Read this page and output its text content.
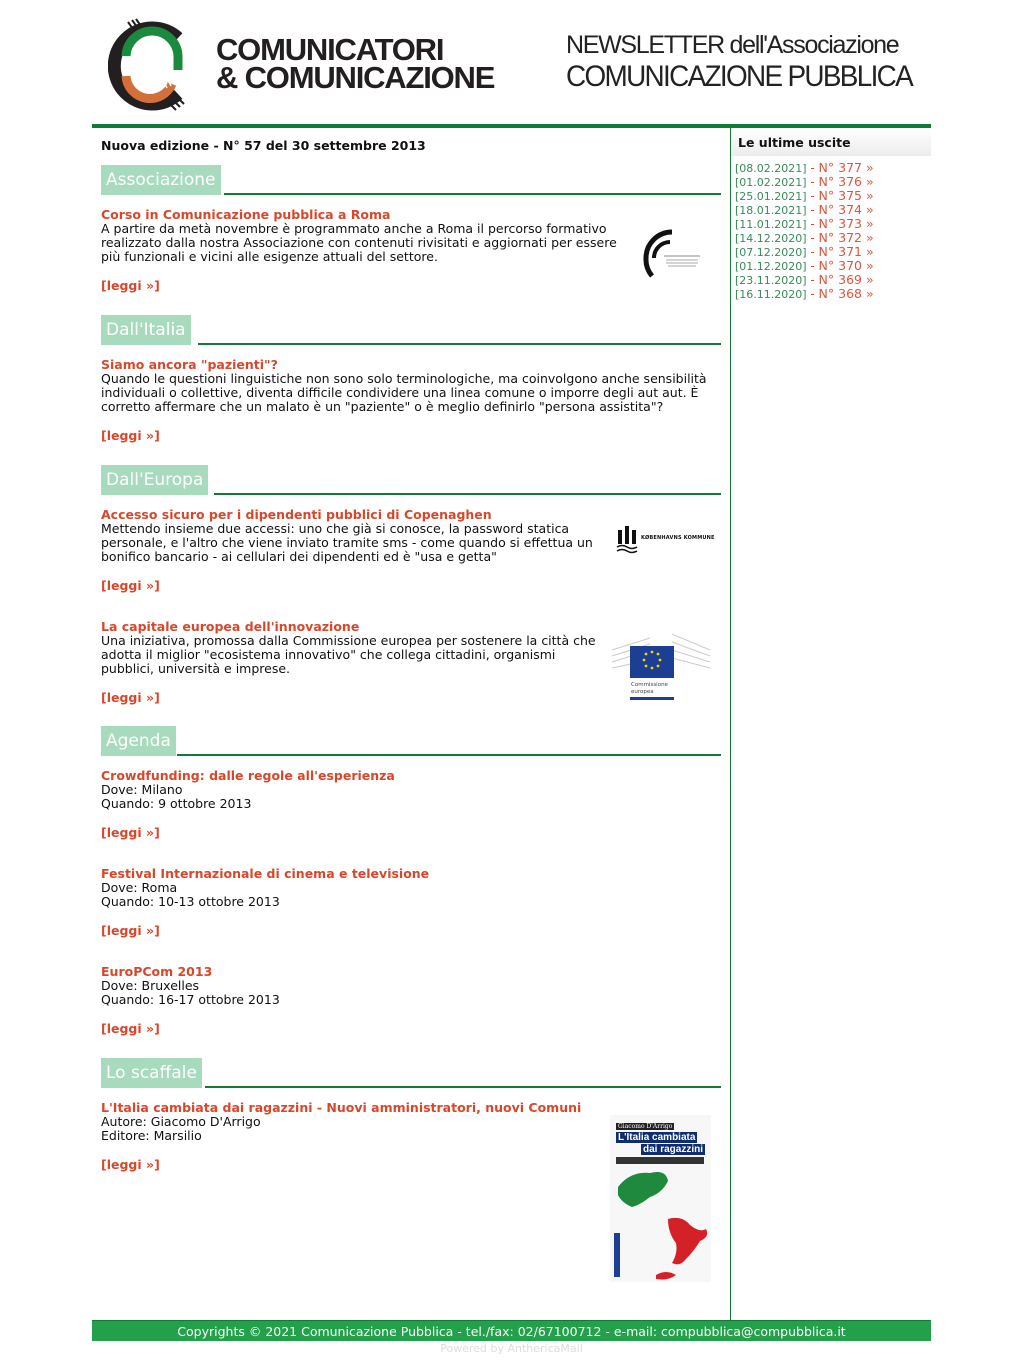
COMUNICATORI
& COMUNICAZIONE
NEWSLETTER dell'Associazione
COMUNICAZIONE PUBBLICA
Nuova edizione - N° 57 del 30 settembre 2013
Associazione
Corso in Comunicazione pubblica a Roma
A partire da metà novembre è programmato anche a Roma il percorso formativo realizzato dalla nostra Associazione con contenuti rivisitati e aggiornati per essere più funzionali e vicini alle esigenze attuali del settore.
[leggi »]
Dall'Italia
Siamo ancora "pazienti"?
Quando le questioni linguistiche non sono solo terminologiche, ma coinvolgono anche sensibilità individuali o collettive, diventa difficile condividere una linea comune o imporre degli aut aut. È corretto affermare che un malato è un "paziente" o è meglio definirlo "persona assistita"?
[leggi »]
Dall'Europa
Accesso sicuro per i dipendenti pubblici di Copenaghen
Mettendo insieme due accessi: uno che già si conosce, la password statica personale, e l'altro che viene inviato tramite sms - come quando si effettua un bonifico bancario - ai cellulari dei dipendenti ed è "usa e getta"
[leggi »]
KØBENHAVNS KOMMUNE
La capitale europea dell'innovazione
Una iniziativa, promossa dalla Commissione europea per sostenere la città che adotta il miglior "ecosistema innovativo" che collega cittadini, organismi pubblici, università e imprese.
[leggi »]
Commissione
europea
Agenda
Crowdfunding: dalle regole all'esperienza
Dove: Milano
Quando: 9 ottobre 2013
[leggi »]
Festival Internazionale di cinema e televisione
Dove: Roma
Quando: 10-13 ottobre 2013
[leggi »]
EuroPCom 2013
Dove: Bruxelles
Quando: 16-17 ottobre 2013
[leggi »]
Lo scaffale
L'Italia cambiata dai ragazzini - Nuovi amministratori, nuovi Comuni
Autore: Giacomo D'Arrigo
Editore: Marsilio
[leggi »]
Giacomo D'Arrigo
L'Italia cambiata
dai ragazzini
Le ultime uscite
[08.02.2021] - N° 377 »
[01.02.2021] - N° 376 »
[25.01.2021] - N° 375 »
[18.01.2021] - N° 374 »
[11.01.2021] - N° 373 »
[14.12.2020] - N° 372 »
[07.12.2020] - N° 371 »
[01.12.2020] - N° 370 »
[23.11.2020] - N° 369 »
[16.11.2020] - N° 368 »
Copyrights © 2021 Comunicazione Pubblica - tel./fax: 02/67100712 - e-mail: compubblica@compubblica.it
Powered by AnthericaMail
